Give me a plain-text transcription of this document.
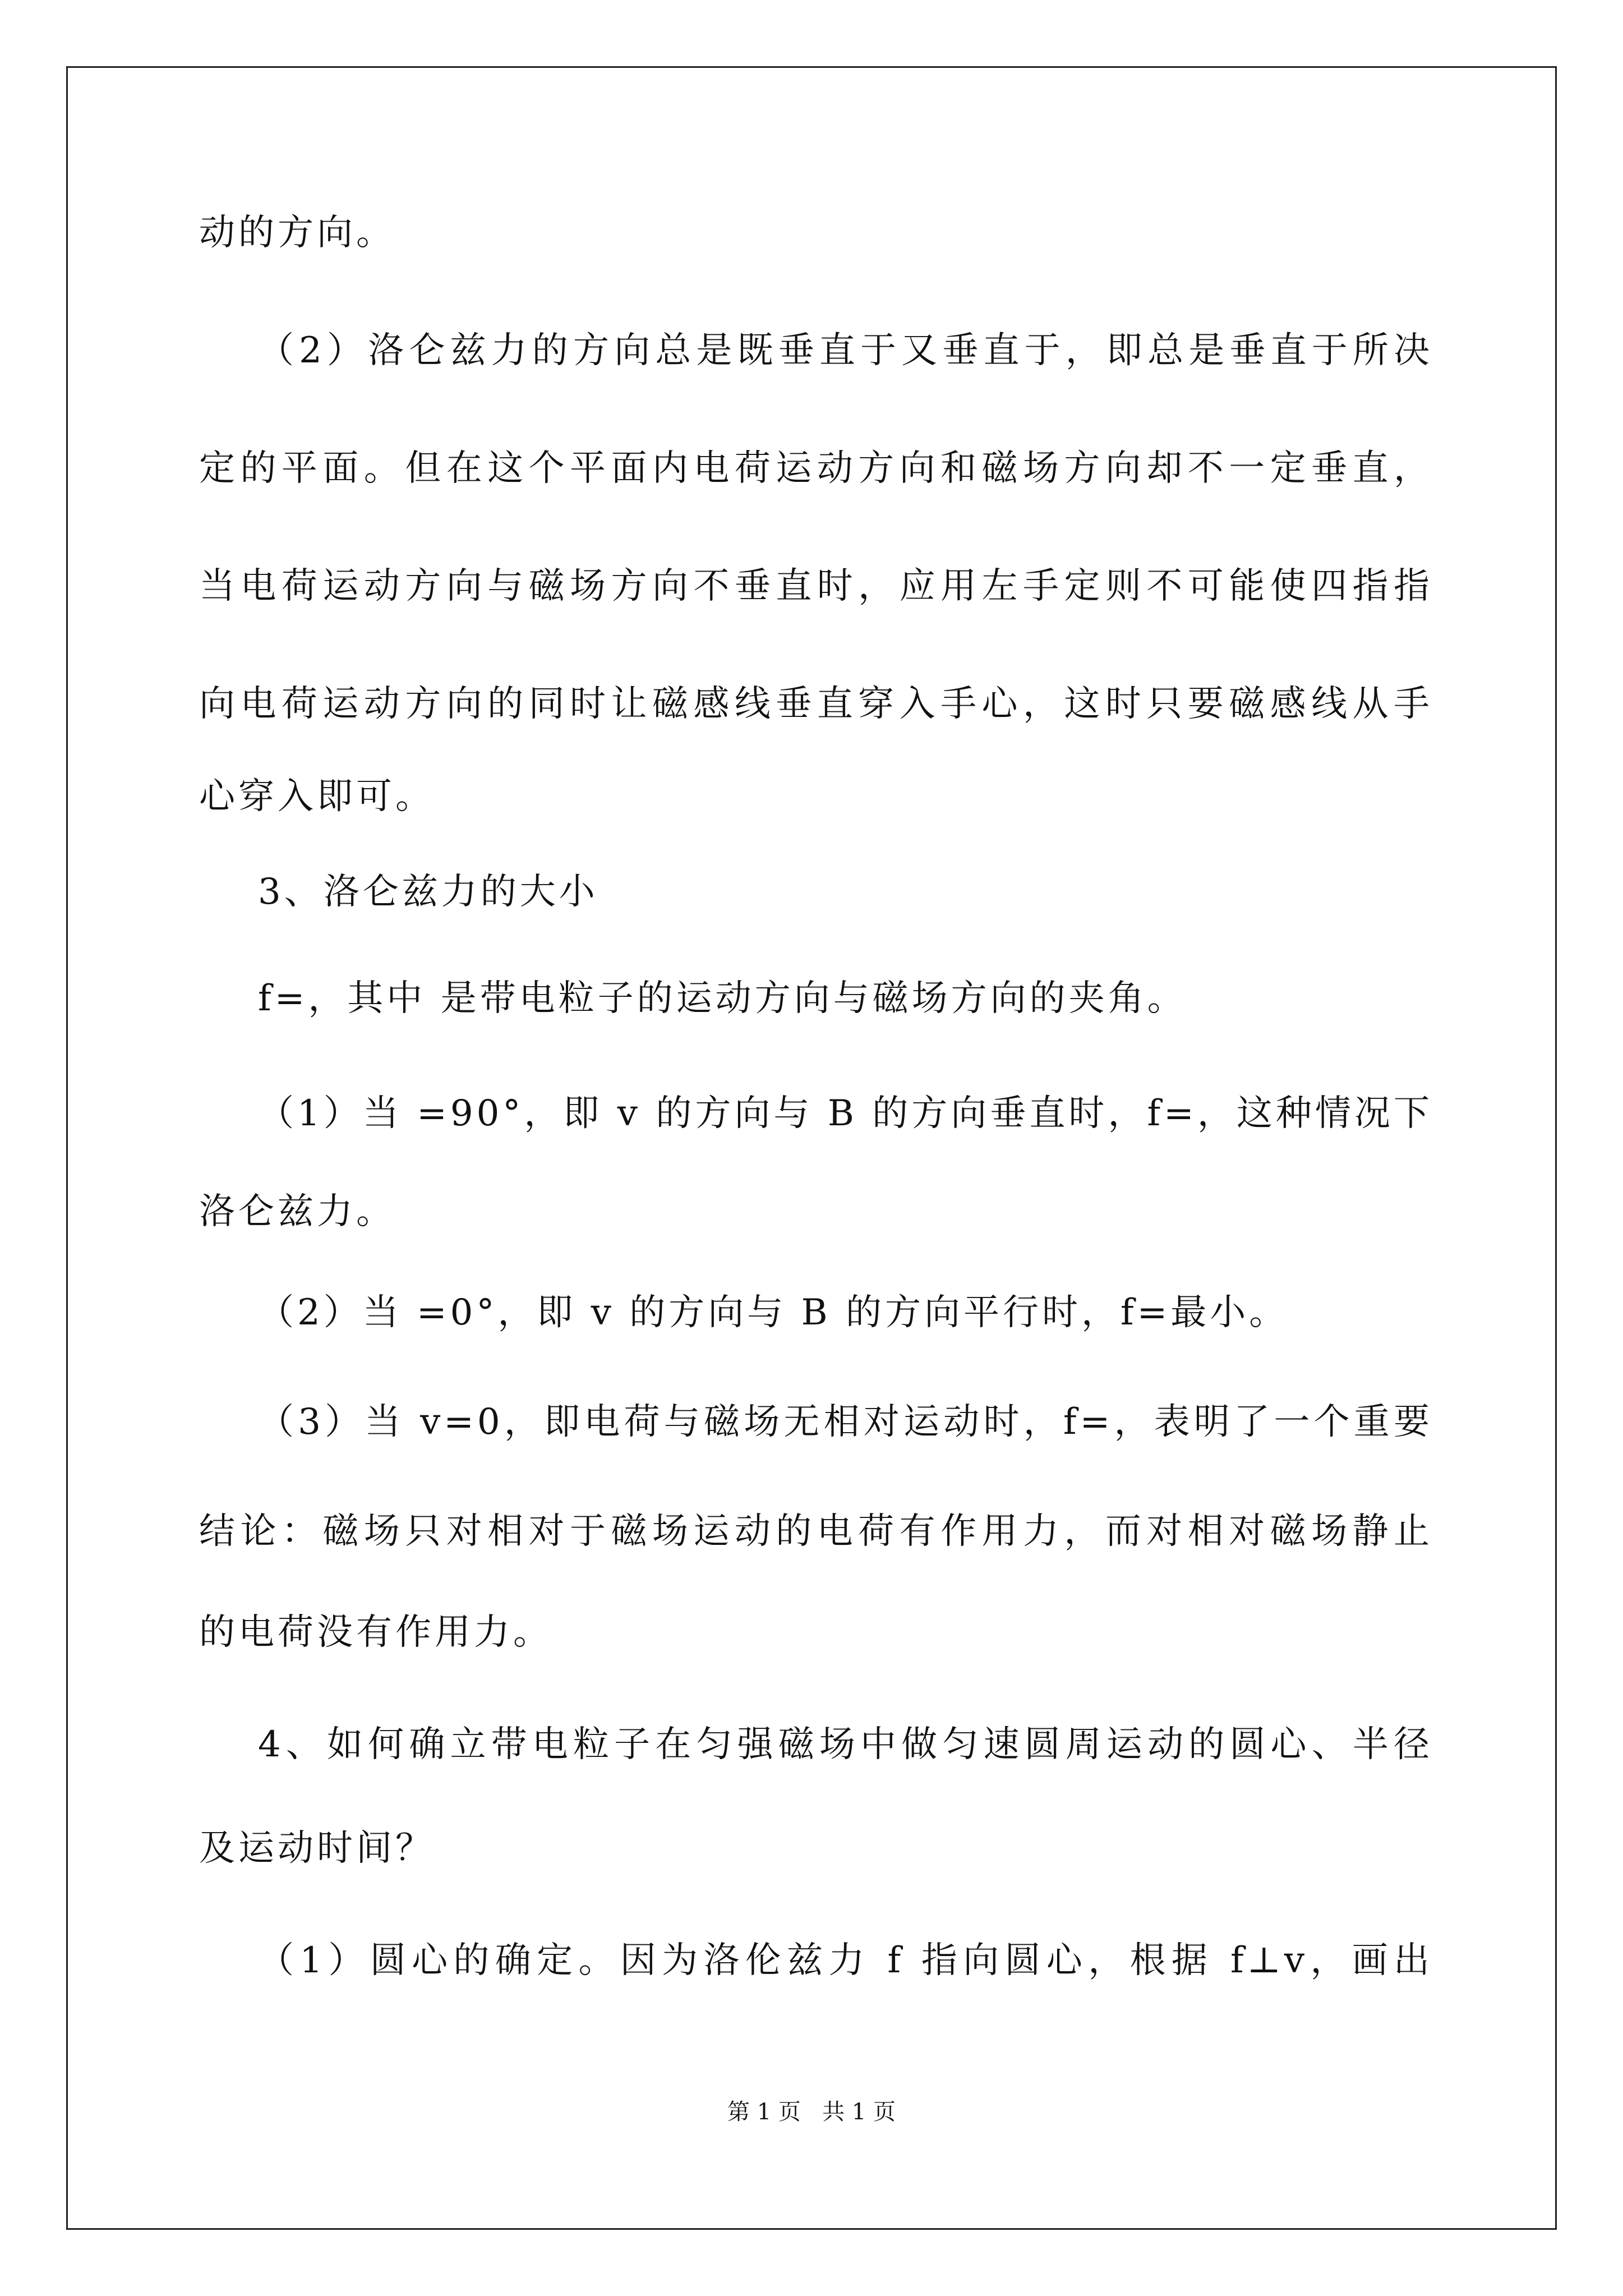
动的方向。
（2）洛仑兹力的方向总是既垂直于又垂直于，即总是垂直于所决
定的平面。但在这个平面内电荷运动方向和磁场方向却不一定垂直，
当电荷运动方向与磁场方向不垂直时，应用左手定则不可能使四指指
向电荷运动方向的同时让磁感线垂直穿入手心，这时只要磁感线从手
心穿入即可。
3、洛仑兹力的大小
f=，其中 是带电粒子的运动方向与磁场方向的夹角。
（1）当 =90°，即 v 的方向与 B 的方向垂直时，f=，这种情况下
洛仑兹力。
（2）当 =0°，即 v 的方向与 B 的方向平行时，f=最小。
（3）当 v=0，即电荷与磁场无相对运动时，f=，表明了一个重要
结论：磁场只对相对于磁场运动的电荷有作用力，而对相对磁场静止
的电荷没有作用力。
4、如何确立带电粒子在匀强磁场中做匀速圆周运动的圆心、半径
及运动时间？
（1）圆心的确定。因为洛伦兹力 f 指向圆心，根据 f⊥v，画出
第 1 页   共 1 页
